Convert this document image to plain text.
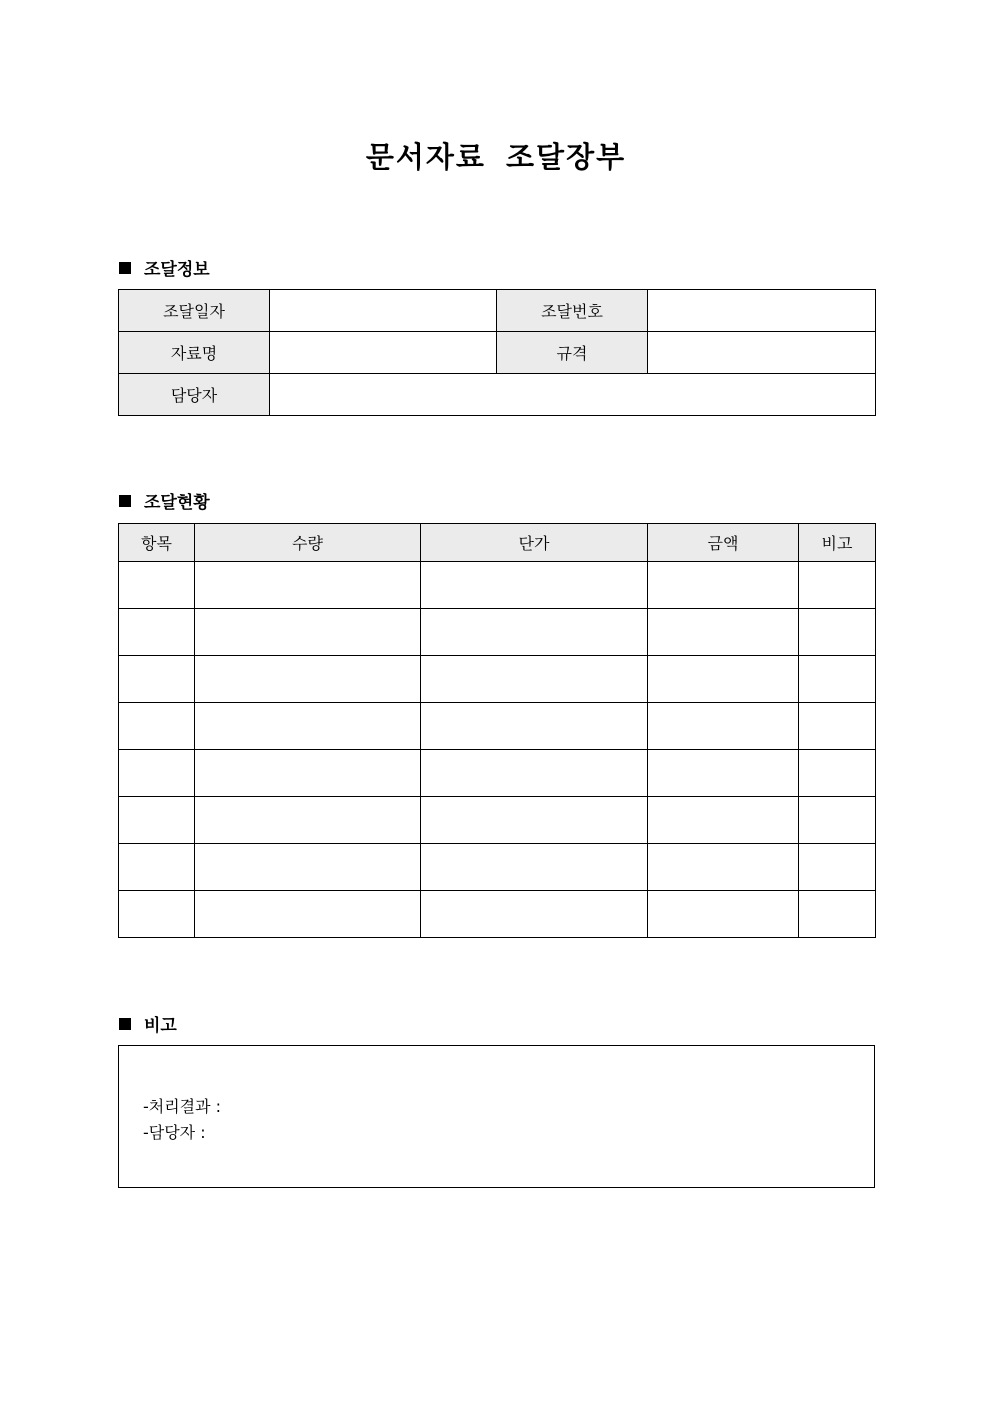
문서자료 조달장부
조달정보
조달일자		조달번호	
자료명		규격	
담당자			
조달현황
항목	수량	단가	금액	비고

비고
-처리결과 :
-담당자 :
